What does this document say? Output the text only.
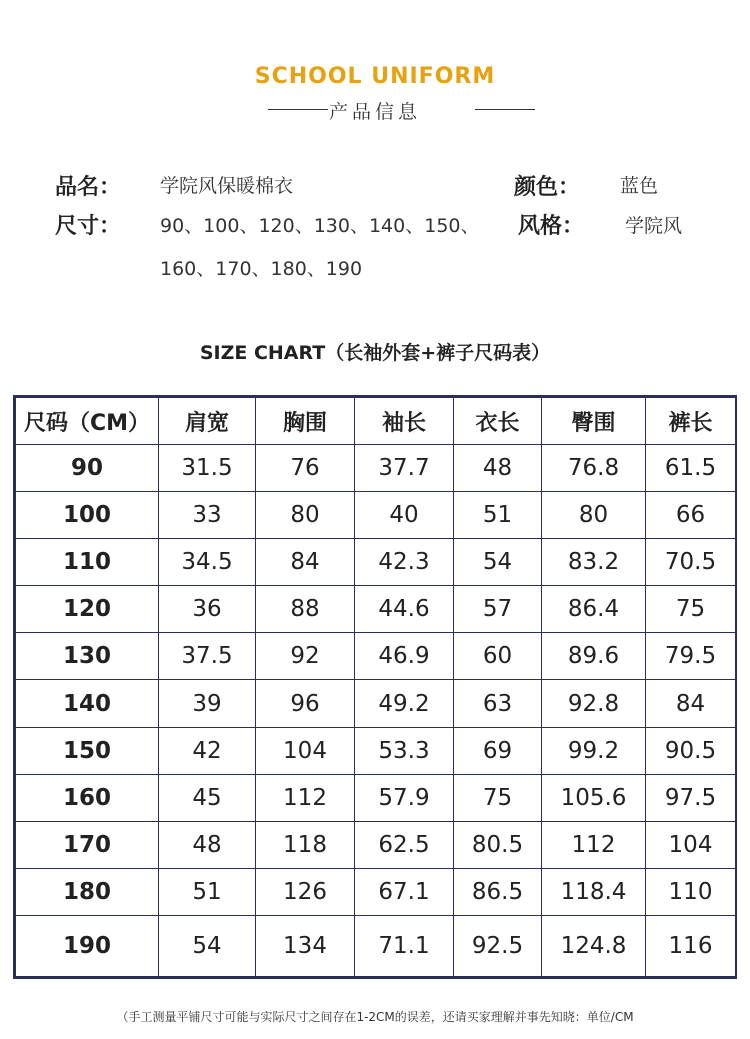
SCHOOL UNIFORM
产品信息
品名： 学院风保暖棉衣
尺寸： 90、100、120、130、140、150、
160、170、180、190
颜色： 蓝色
风格： 学院风
SIZE CHART（长袖外套+裤子尺码表）
尺码（CM）	肩宽	胸围	袖长	衣长	臀围	裤长
90	31.5	76	37.7	48	76.8	61.5
100	33	80	40	51	80	66
110	34.5	84	42.3	54	83.2	70.5
120	36	88	44.6	57	86.4	75
130	37.5	92	46.9	60	89.6	79.5
140	39	96	49.2	63	92.8	84
150	42	104	53.3	69	99.2	90.5
160	45	112	57.9	75	105.6	97.5
170	48	118	62.5	80.5	112	104
180	51	126	67.1	86.5	118.4	110
190	54	134	71.1	92.5	124.8	116
（手工测量平铺尺寸可能与实际尺寸之间存在1-2CM的误差，还请买家理解并事先知晓：单位/CM
